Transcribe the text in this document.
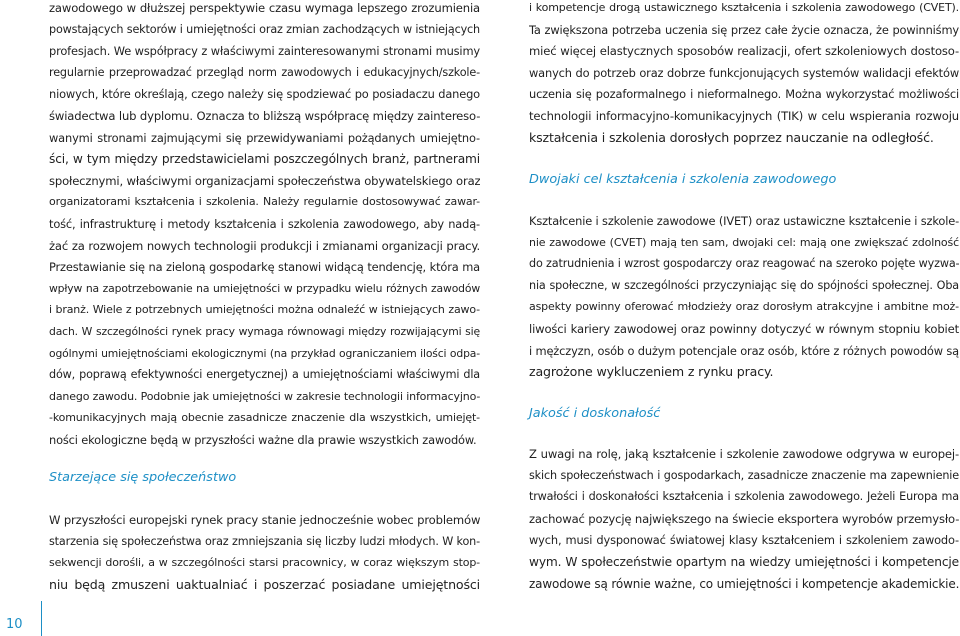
Starzejące się społeczeństwo
zawodowego w dłuższej perspektywie czasu wymaga lepszego zrozumienia
powstających sektorów i umiejętności oraz zmian zachodzących w istniejących
profesjach. We współpracy z właściwymi zainteresowanymi stronami musimy
regularnie przeprowadzać przegląd norm zawodowych i edukacyjnych/szkole-
niowych, które określają, czego należy się spodziewać po posiadaczu danego
świadectwa lub dyplomu. Oznacza to bliższą współpracę między zaintereso-
wanymi stronami zajmującymi się przewidywaniami pożądanych umiejętno-
ści, w tym między przedstawicielami poszczególnych branż, partnerami
społecznymi, właściwymi organizacjami społeczeństwa obywatelskiego oraz
organizatorami kształcenia i szkolenia. Należy regularnie dostosowywać zawar-
tość, infrastrukturę i metody kształcenia i szkolenia zawodowego, aby nadą-
żać za rozwojem nowych technologii produkcji i zmianami organizacji pracy.
Przestawianie się na zieloną gospodarkę stanowi widącą tendencję, która ma
wpływ na zapotrzebowanie na umiejętności w przypadku wielu różnych zawodów
i branż. Wiele z potrzebnych umiejętności można odnaleźć w istniejących zawo-
dach. W szczególności rynek pracy wymaga równowagi między rozwijającymi się
ogólnymi umiejętnościami ekologicznymi (na przykład ograniczaniem ilości odpa-
dów, poprawą efektywności energetycznej) a umiejętnościami właściwymi dla
danego zawodu. Podobnie jak umiejętności w zakresie technologii informacyjno-
-komunikacyjnych mają obecnie zasadnicze znaczenie dla wszystkich, umiejęt-
ności ekologiczne będą w przyszłości ważne dla prawie wszystkich zawodów.
W przyszłości europejski rynek pracy stanie jednocześnie wobec problemów
starzenia się społeczeństwa oraz zmniejszania się liczby ludzi młodych. W kon-
sekwencji dorośli, a w szczególności starsi pracownicy, w coraz większym stop-
niu będą zmuszeni uaktualniać i poszerzać posiadane umiejętności
Dwojaki cel kształcenia i szkolenia zawodowego
Jakość i doskonałość
i kompetencje drogą ustawicznego kształcenia i szkolenia zawodowego (CVET).
Ta zwiększona potrzeba uczenia się przez całe życie oznacza, że powinniśmy
mieć więcej elastycznych sposobów realizacji, ofert szkoleniowych dostoso-
wanych do potrzeb oraz dobrze funkcjonujących systemów walidacji efektów
uczenia się pozaformalnego i nieformalnego. Można wykorzystać możliwości
technologii informacyjno-komunikacyjnych (TIK) w celu wspierania rozwoju
kształcenia i szkolenia dorosłych poprzez nauczanie na odległość.
Kształcenie i szkolenie zawodowe (IVET) oraz ustawiczne kształcenie i szkole-
nie zawodowe (CVET) mają ten sam, dwojaki cel: mają one zwiększać zdolność
do zatrudnienia i wzrost gospodarczy oraz reagować na szeroko pojęte wyzwa-
nia społeczne, w szczególności przyczyniając się do spójności społecznej. Oba
aspekty powinny oferować młodzieży oraz dorosłym atrakcyjne i ambitne moż-
liwości kariery zawodowej oraz powinny dotyczyć w równym stopniu kobiet
i mężczyzn, osób o dużym potencjale oraz osób, które z różnych powodów są
zagrożone wykluczeniem z rynku pracy.
Z uwagi na rolę, jaką kształcenie i szkolenie zawodowe odgrywa w europej-
skich społeczeństwach i gospodarkach, zasadnicze znaczenie ma zapewnienie
trwałości i doskonałości kształcenia i szkolenia zawodowego. Jeżeli Europa ma
zachować pozycję największego na świecie eksportera wyrobów przemysło-
wych, musi dysponować światowej klasy kształceniem i szkoleniem zawodo-
wym. W społeczeństwie opartym na wiedzy umiejętności i kompetencje
zawodowe są równie ważne, co umiejętności i kompetencje akademickie.
10
